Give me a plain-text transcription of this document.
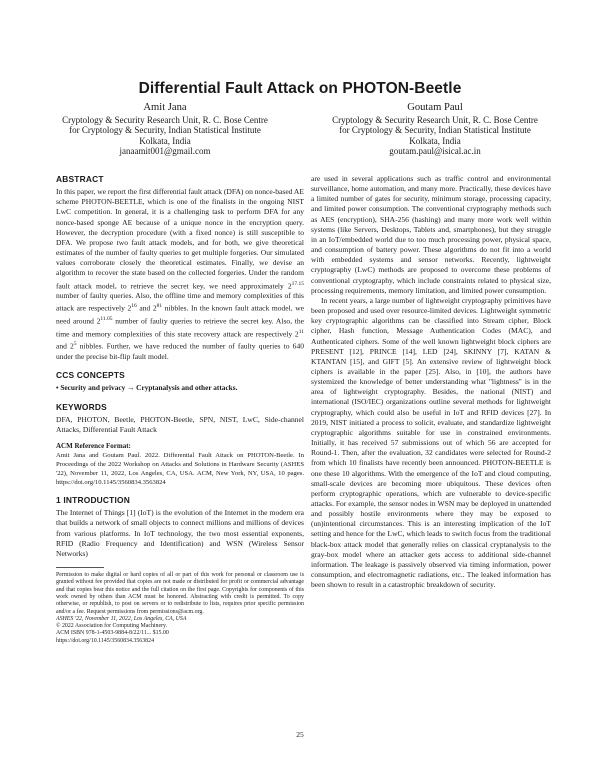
Differential Fault Attack on PHOTON-Beetle
Amit Jana
Cryptology & Security Research Unit, R. C. Bose Centre
for Cryptology & Security, Indian Statistical Institute
Kolkata, India
janaamit001@gmail.com
Goutam Paul
Cryptology & Security Research Unit, R. C. Bose Centre
for Cryptology & Security, Indian Statistical Institute
Kolkata, India
goutam.paul@isical.ac.in
ABSTRACT

In this paper, we report the first differential fault attack (DFA) on nonce-based AE scheme PHOTON-BEETLE, which is one of the finalists in the ongoing NIST LwC competition. In general, it is a challenging task to perform DFA for any nonce-based sponge AE because of a unique nonce in the encryption query. However, the decryption procedure (with a fixed nonce) is still susceptible to DFA. We propose two fault attack models, and for both, we give theoretical estimates of the number of faulty queries to get multiple forgeries. Our simulated values corroborate closely the theoretical estimates. Finally, we devise an algorithm to recover the state based on the collected forgeries. Under the random fault attack model, to retrieve the secret key, we need approximately $2^{17.15}$ number of faulty queries. Also, the offline time and memory complexities of this attack are respectively $2^{16}$ and $2^{81}$ nibbles. In the known fault attack model, we need around $2^{11.05}$ number of faulty queries to retrieve the secret key. Also, the time and memory complexities of this state recovery attack are respectively $2^{11}$ and $2^5$ nibbles. Further, we have reduced the number of faulty queries to 640 under the precise bit-flip fault model.

CCS CONCEPTS

• Security and privacy → Cryptanalysis and other attacks.

KEYWORDS

DFA, PHOTON, Beetle, PHOTON-Beetle, SPN, NIST, LwC, Side-channel Attacks, Differential Fault Attack

ACM Reference Format:

Amit Jana and Goutam Paul. 2022. Differential Fault Attack on PHOTON-Beetle. In Proceedings of the 2022 Workshop on Attacks and Solutions in Hardware Security (ASHES '22), November 11, 2022, Los Angeles, CA, USA. ACM, New York, NY, USA, 10 pages. https://doi.org/10.1145/3560834.3563824

1 INTRODUCTION

The Internet of Things [1] (IoT) is the evolution of the Internet in the modern era that builds a network of small objects to connect millions and millions of devices from various platforms. In IoT technology, the two most essential exponents, RFID (Radio Frequency and Identification) and WSN (Wireless Sensor Networks)

Permission to make digital or hard copies of all or part of this work for personal or classroom use is granted without fee provided that copies are not made or distributed for profit or commercial advantage and that copies bear this notice and the full citation on the first page. Copyrights for components of this work owned by others than ACM must be honored. Abstracting with credit is permitted. To copy otherwise, or republish, to post on servers or to redistribute to lists, requires prior specific permission and/or a fee. Request permissions from permissions@acm.org.
ASHES '22, November 11, 2022, Los Angeles, CA, USA
© 2022 Association for Computing Machinery.
ACM ISBN 978-1-4503-9884-8/22/11... $15.00
https://doi.org/10.1145/3560834.3563824

are used in several applications such as traffic control and environmental surveillance, home automation, and many more. Practically, these devices have a limited number of gates for security, minimum storage, processing capacity, and limited power consumption. The conventional cryptography methods such as AES (encryption), SHA-256 (hashing) and many more work well within systems (like Servers, Desktops, Tablets and, smartphones), but they struggle in an IoT/embedded world due to too much processing power, physical space, and consumption of battery power. These algorithms do not fit into a world with embedded systems and sensor networks. Recently, lightweight cryptography (LwC) methods are proposed to overcome these problems of conventional cryptography, which include constraints related to physical size, processing requirements, memory limitation, and limited power consumption.

In recent years, a large number of lightweight cryptography primitives have been proposed and used over resource-limited devices. Lightweight symmetric key cryptographic algorithms can be classified into Stream cipher, Block cipher, Hash function, Message Authentication Codes (MAC), and Authenticated ciphers. Some of the well known lightweight block ciphers are PRESENT [12], PRINCE [14], LED [24], SKINNY [7], KATAN & KTANTAN [15], and GIFT [5]. An extensive review of lightweight block ciphers is available in the paper [25]. Also, in [10], the authors have systemized the knowledge of better understanding what "lightness" is in the area of lightweight cryptography. Besides, the national (NIST) and international (ISO/IEC) organizations outline several methods for lightweight cryptography, which could also be useful in IoT and RFID devices [27]. In 2019, NIST initiated a process to solicit, evaluate, and standardize lightweight cryptographic algorithms suitable for use in constrained environments. Initially, it has received 57 submissions out of which 56 are accepted for Round-1. Then, after the evaluation, 32 candidates were selected for Round-2 from which 10 finalists have recently been announced. PHOTON-BEETLE is one these 10 algorithms. With the emergence of the IoT and cloud computing, small-scale devices are becoming more ubiquitous. These devices often perform cryptographic operations, which are vulnerable to device-specific attacks. For example, the sensor nodes in WSN may be deployed in unattended and possibly hostile environments where they may be exposed to (un)intentional circumstances. This is an interesting implication of the IoT setting and hence for the LwC, which leads to switch focus from the traditional black-box attack model that generally relies on classical cryptanalysis to the gray-box model where an attacker gets access to additional side-channel information. The leakage is passively observed via timing information, power consumption, and electromagnetic radiations, etc.. The leaked information has been shown to result in a catastrophic breakdown of security.

25
